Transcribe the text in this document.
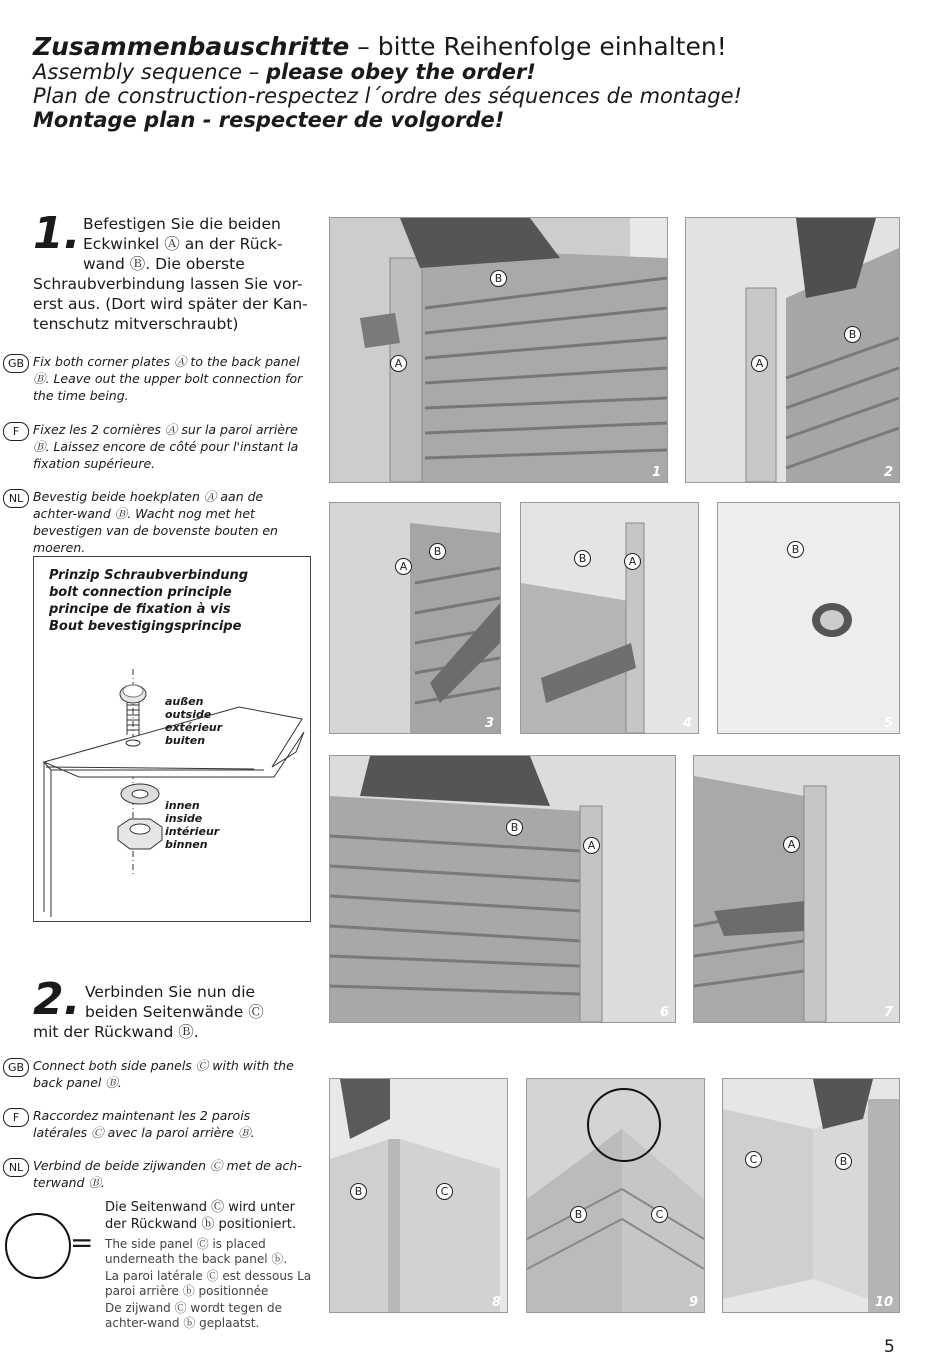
Zusammenbauschritte – bitte Reihenfolge einhalten!
Assembly sequence – please obey the order!
Plan de construction-respectez l´ordre des séquences de montage!
Montage plan - respecteer de volgorde!
1. Befestigen Sie die beiden
Eckwinkel Ⓐ an der Rück-
wand Ⓑ. Die oberste
Schraubverbindung lassen Sie vor-
erst aus. (Dort wird später der Kan-
tenschutz mitverschraubt)
GB Fix both corner plates Ⓐ to the back panel Ⓑ. Leave out the upper bolt connection for the time being.
F	Fixez les 2 cornières Ⓐ sur la paroi arrière Ⓑ. Laissez encore de côté pour l'instant la fixation supérieure.
NL Bevestig beide hoekplaten Ⓐ aan de achter-wand Ⓑ. Wacht nog met het bevestigen van de bovenste bouten en moeren.
Prinzip Schraubverbindung
bolt connection principle
principe de fixation à vis
Bout bevestigingsprincipe
außen
outside
extérieur
buiten
innen
inside
intérieur
binnen
2. Verbinden Sie nun die
beiden Seitenwände Ⓒ
mit der Rückwand Ⓑ.
GB Connect both side panels Ⓒ with with the back panel Ⓑ.
F	Raccordez maintenant les 2 parois latérales Ⓒ avec la paroi arrière Ⓑ.
NL Verbind de beide zijwanden Ⓒ met de ach-terwand Ⓑ.
=
Die Seitenwand Ⓒ wird unter der Rückwand ⓑ positioniert.
The side panel Ⓒ is placed underneath the back panel ⓑ.
La paroi latérale Ⓒ est dessous La paroi arrière ⓑ positionnée
De zijwand Ⓒ wordt tegen de achter-wand ⓑ geplaatst.
B
A
1
B
A
2
A
B
3
B	A
4
B
5
B
A
6
A
7
B	C
8
B	C
9
C	B
10
5
